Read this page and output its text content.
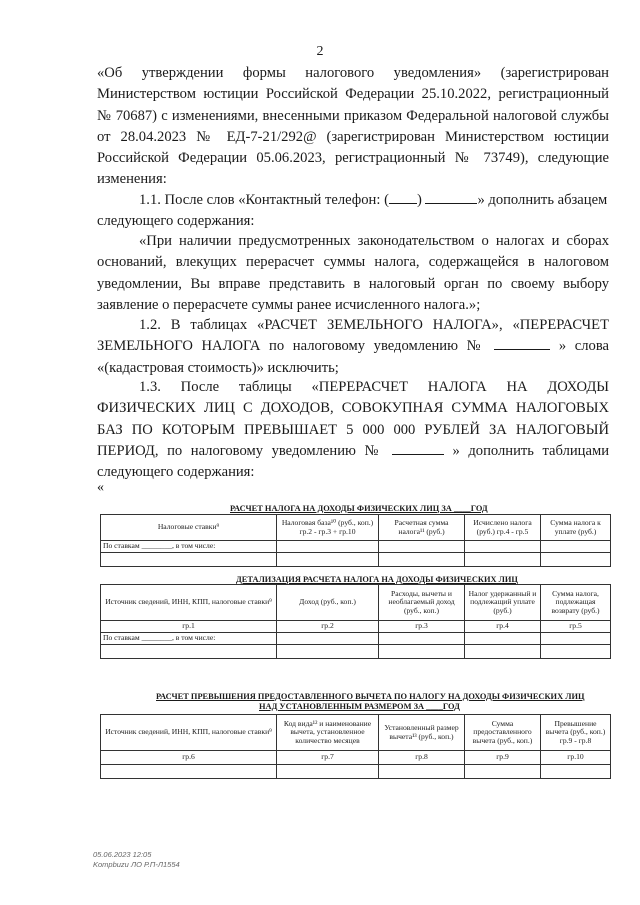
2
«Об утверждении формы налогового уведомления» (зарегистрирован
Министерством юстиции Российской Федерации 25.10.2022, регистрационный
№ 70687) с изменениями, внесенными приказом Федеральной налоговой службы
от 28.04.2023 № ЕД-7-21/292@ (зарегистрирован Министерством юстиции
Российской Федерации 05.06.2023, регистрационный № 73749), следующие
изменения:
1.1. После слов «Контактный телефон: ( )	» дополнить абзацем
следующего содержания:
«При наличии предусмотренных законодательством о налогах и сборах
оснований, влекущих перерасчет суммы налога, содержащейся в налоговом
уведомлении, Вы вправе представить в налоговый орган по своему выбору
заявление о перерасчете суммы ранее исчисленного налога.»;
1.2. В таблицах «РАСЧЕТ ЗЕМЕЛЬНОГО НАЛОГА», «ПЕРЕРАСЧЕТ
ЗЕМЕЛЬНОГО НАЛОГА по налоговому уведомлению №	» слова
«(кадастровая стоимость)» исключить;
1.3. После таблицы «ПЕРЕРАСЧЕТ НАЛОГА НА ДОХОДЫ
ФИЗИЧЕСКИХ ЛИЦ С ДОХОДОВ, СОВОКУПНАЯ СУММА НАЛОГОВЫХ
БАЗ ПО КОТОРЫМ ПРЕВЫШАЕТ 5 000 000 РУБЛЕЙ ЗА НАЛОГОВЫЙ
ПЕРИОД, по налоговому уведомлению №	» дополнить таблицами
следующего содержания:
«
РАСЧЕТ НАЛОГА НА ДОХОДЫ ФИЗИЧЕСКИХ ЛИЦ ЗА ____ГОД
Налоговые ставки⁹	Налоговая база¹⁰ (руб., коп.) гр.2 - гр.3 + гр.10	Расчетная сумма налога¹¹ (руб.)	Исчислено налога (руб.) гр.4 - гр.5	Сумма налога к уплате (руб.)
По ставкам ________, в том числе:				

ДЕТАЛИЗАЦИЯ РАСЧЕТА НАЛОГА НА ДОХОДЫ ФИЗИЧЕСКИХ ЛИЦ
Источник сведений, ИНН, КПП, налоговые ставки⁹	Доход (руб., коп.)	Расходы, вычеты и необлагаемый доход (руб., коп.)	Налог удержанный и подлежащий уплате (руб.)	Сумма налога, подлежащая возврату (руб.)
гр.1	гр.2	гр.3	гр.4	гр.5
По ставкам ________, в том числе:				

РАСЧЕТ ПРЕВЫШЕНИЯ ПРЕДОСТАВЛЕННОГО ВЫЧЕТА ПО НАЛОГУ НА ДОХОДЫ ФИЗИЧЕСКИХ ЛИЦ
НАД УСТАНОВЛЕННЫМ РАЗМЕРОМ ЗА ____ГОД
Источник сведений, ИНН, КПП, налоговые ставки⁹	Код вида¹² и наименование вычета, установленное количество месяцев	Установленный размер вычета¹³ (руб., коп.)	Сумма предоставленного вычета (руб., коп.)	Превышение вычета (руб., коп.) гр.9 - гр.8
гр.6	гр.7	гр.8	гр.9	гр.10

05.06.2023 12:05
Kompbuzu ЛО Р.П-Л1554
